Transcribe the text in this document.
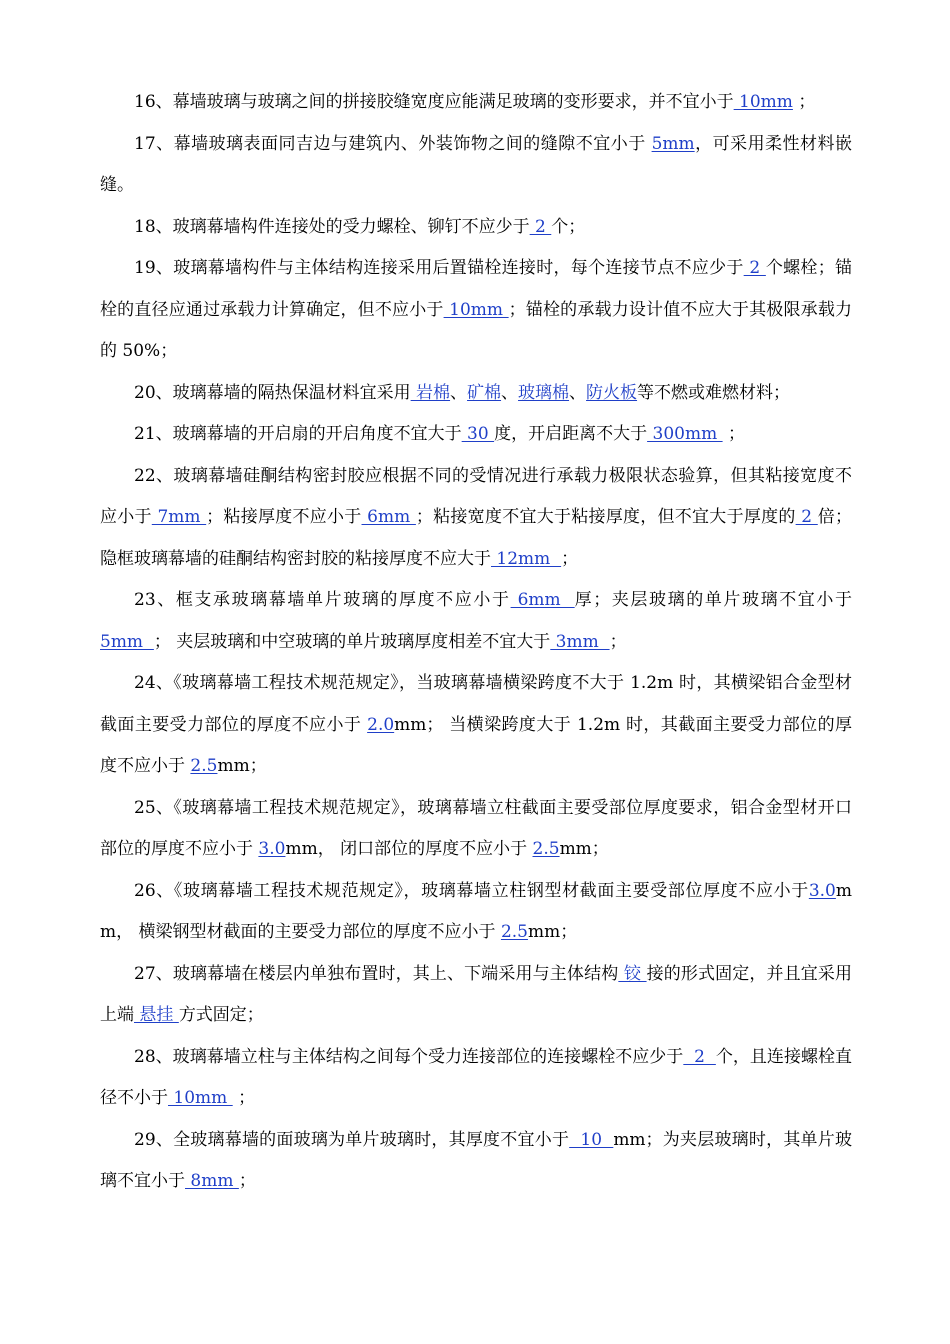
16、幕墙玻璃与玻璃之间的拼接胶缝宽度应能满足玻璃的变形要求，并不宜小于 10mm ；

17、幕墙玻璃表面同吉边与建筑内、外装饰物之间的缝隙不宜小于 5mm，可采用柔性材料嵌缝。

18、玻璃幕墙构件连接处的受力螺栓、铆钉不应少于 2 个；

19、玻璃幕墙构件与主体结构连接采用后置锚栓连接时，每个连接节点不应少于 2 个螺栓；锚栓的直径应通过承载力计算确定，但不应小于 10mm ；锚栓的承载力设计值不应大于其极限承载力的 50%；

20、玻璃幕墙的隔热保温材料宜采用 岩棉、矿棉、玻璃棉、防火板等不燃或难燃材料；

21、玻璃幕墙的开启扇的开启角度不宜大于 30 度，开启距离不大于 300mm  ；

22、玻璃幕墙硅酮结构密封胶应根据不同的受情况进行承载力极限状态验算，但其粘接宽度不应小于 7mm ；粘接厚度不应小于 6mm ；粘接宽度不宜大于粘接厚度，但不宜大于厚度的 2 倍；隐框玻璃幕墙的硅酮结构密封胶的粘接厚度不应大于 12mm  ；

23、框支承玻璃幕墙单片玻璃的厚度不应小于 6mm  厚；夹层玻璃的单片玻璃不宜小于5mm  ； 夹层玻璃和中空玻璃的单片玻璃厚度相差不宜大于 3mm  ；

24、《玻璃幕墙工程技术规范规定》，当玻璃幕墙横梁跨度不大于 1.2m 时，其横梁铝合金型材截面主要受力部位的厚度不应小于 2.0mm； 当横梁跨度大于 1.2m 时，其截面主要受力部位的厚度不应小于 2.5mm；

25、《玻璃幕墙工程技术规范规定》，玻璃幕墙立柱截面主要受部位厚度要求，铝合金型材开口部位的厚度不应小于 3.0mm， 闭口部位的厚度不应小于 2.5mm；

26、《玻璃幕墙工程技术规范规定》，玻璃幕墙立柱钢型材截面主要受部位厚度不应小于3.0mm， 横梁钢型材截面的主要受力部位的厚度不应小于 2.5mm；

27、玻璃幕墙在楼层内单独布置时，其上、下端采用与主体结构 铰 接的形式固定，并且宜采用上端 悬挂 方式固定；

28、玻璃幕墙立柱与主体结构之间每个受力连接部位的连接螺栓不应少于  2  个，且连接螺栓直径不小于 10mm  ；

29、全玻璃幕墙的面玻璃为单片玻璃时，其厚度不宜小于  10  mm；为夹层玻璃时，其单片玻璃不宜小于 8mm ；
